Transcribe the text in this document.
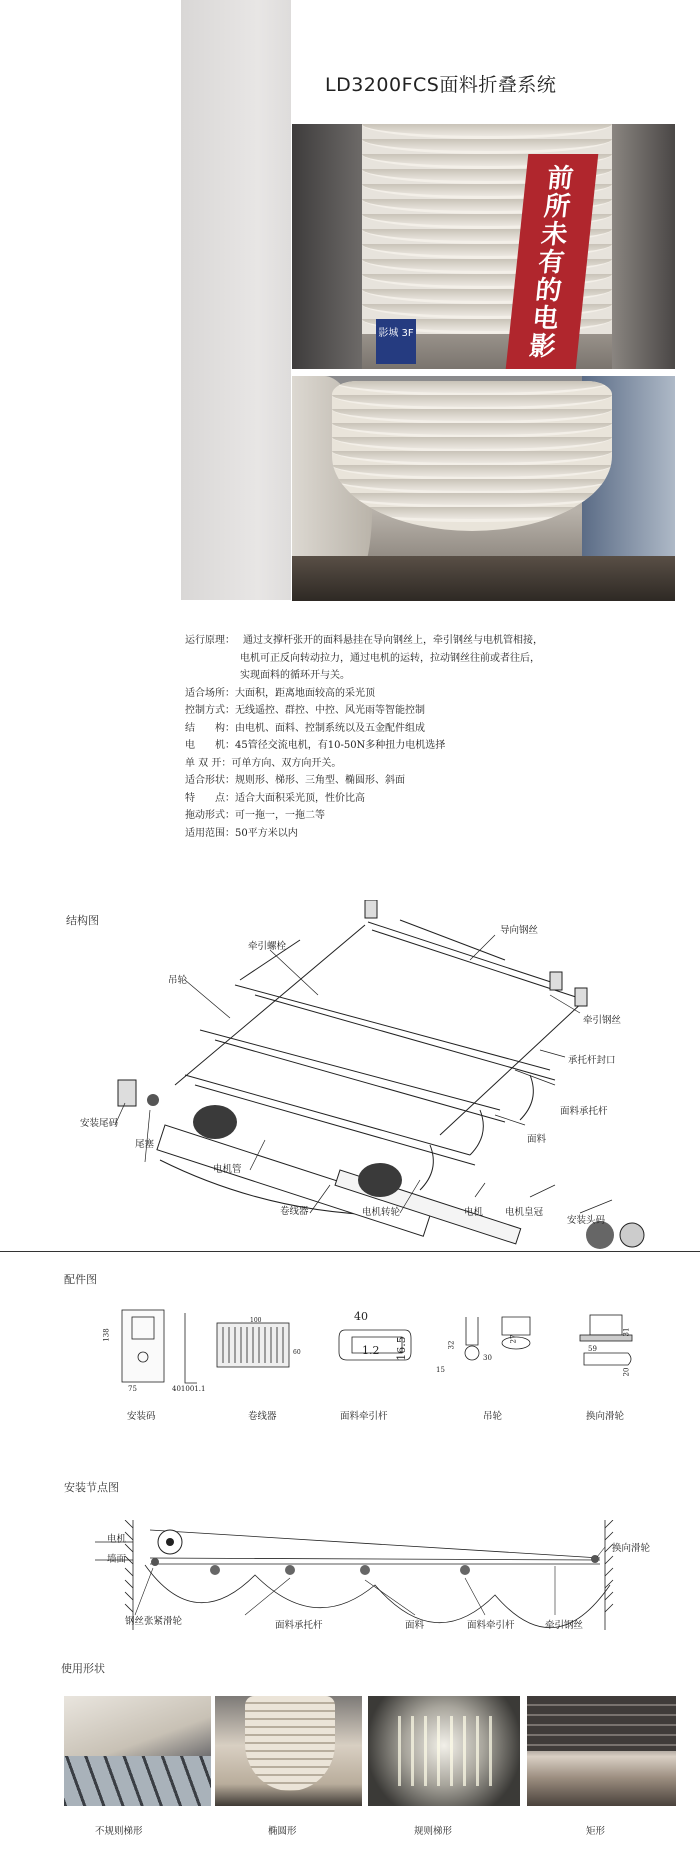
LD3200FCS面料折叠系统
前所未有的电影
影城 3F
运行原理： 通过支撑杆张开的面料悬挂在导向钢丝上，牵引钢丝与电机管相接，
电机可正反向转动拉力，通过电机的运转，拉动钢丝往前或者往后，
实现面料的循环开与关。
适合场所：大面积，距离地面较高的采光顶
控制方式：无线遥控、群控、中控、风光雨等智能控制
结　　构：由电机、面料、控制系统以及五金配件组成
电　　机：45管径交流电机，有10-50N多种扭力电机选择
单 双 开：可单方向、双方向开关。
适合形状：规则形、梯形、三角型、椭圆形、斜面
特　　点：适合大面积采光顶，性价比高
拖动形式：可一拖一，一拖二等
适用范围：50平方米以内
结构图
导向钢丝
牵引螺栓
吊轮
牵引钢丝
承托杆封口
面料承托杆
面料
安装尾码
尾塞
电机管
卷线器	电机转轮	电机 电机皇冠
安装头码
配件图
138
75	401001.1
100
60
40
1.2 16.5	32
15
27
30
31
59
20
安装码	卷线器	面料牵引杆	吊轮	换向滑轮
安装节点图
电机
墙面
换向滑轮
钢丝张紧滑轮	面料承托杆	面料	面料牵引杆	牵引钢丝
使用形状
不规则梯形	椭圆形	规则梯形	矩形
